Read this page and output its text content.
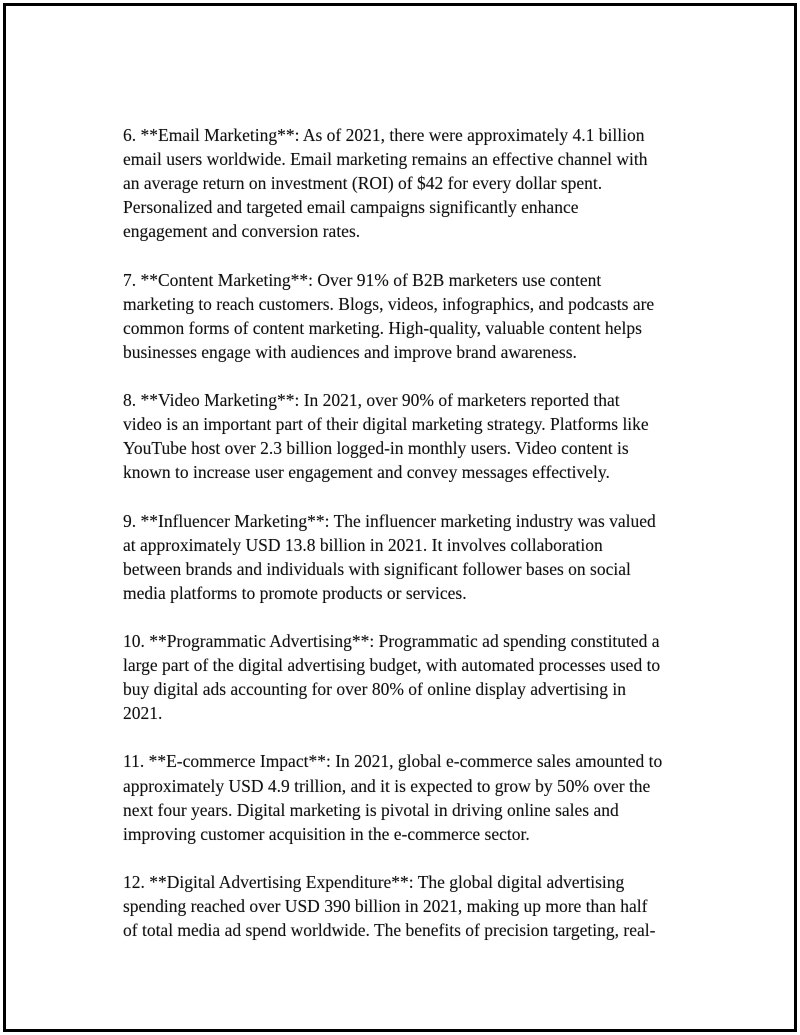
6. **Email Marketing**: As of 2021, there were approximately 4.1 billion
email users worldwide. Email marketing remains an effective channel with
an average return on investment (ROI) of $42 for every dollar spent.
Personalized and targeted email campaigns significantly enhance
engagement and conversion rates.

7. **Content Marketing**: Over 91% of B2B marketers use content
marketing to reach customers. Blogs, videos, infographics, and podcasts are
common forms of content marketing. High-quality, valuable content helps
businesses engage with audiences and improve brand awareness.

8. **Video Marketing**: In 2021, over 90% of marketers reported that
video is an important part of their digital marketing strategy. Platforms like
YouTube host over 2.3 billion logged-in monthly users. Video content is
known to increase user engagement and convey messages effectively.

9. **Influencer Marketing**: The influencer marketing industry was valued
at approximately USD 13.8 billion in 2021. It involves collaboration
between brands and individuals with significant follower bases on social
media platforms to promote products or services.

10. **Programmatic Advertising**: Programmatic ad spending constituted a
large part of the digital advertising budget, with automated processes used to
buy digital ads accounting for over 80% of online display advertising in
2021.

11. **E-commerce Impact**: In 2021, global e-commerce sales amounted to
approximately USD 4.9 trillion, and it is expected to grow by 50% over the
next four years. Digital marketing is pivotal in driving online sales and
improving customer acquisition in the e-commerce sector.

12. **Digital Advertising Expenditure**: The global digital advertising
spending reached over USD 390 billion in 2021, making up more than half
of total media ad spend worldwide. The benefits of precision targeting, real-
